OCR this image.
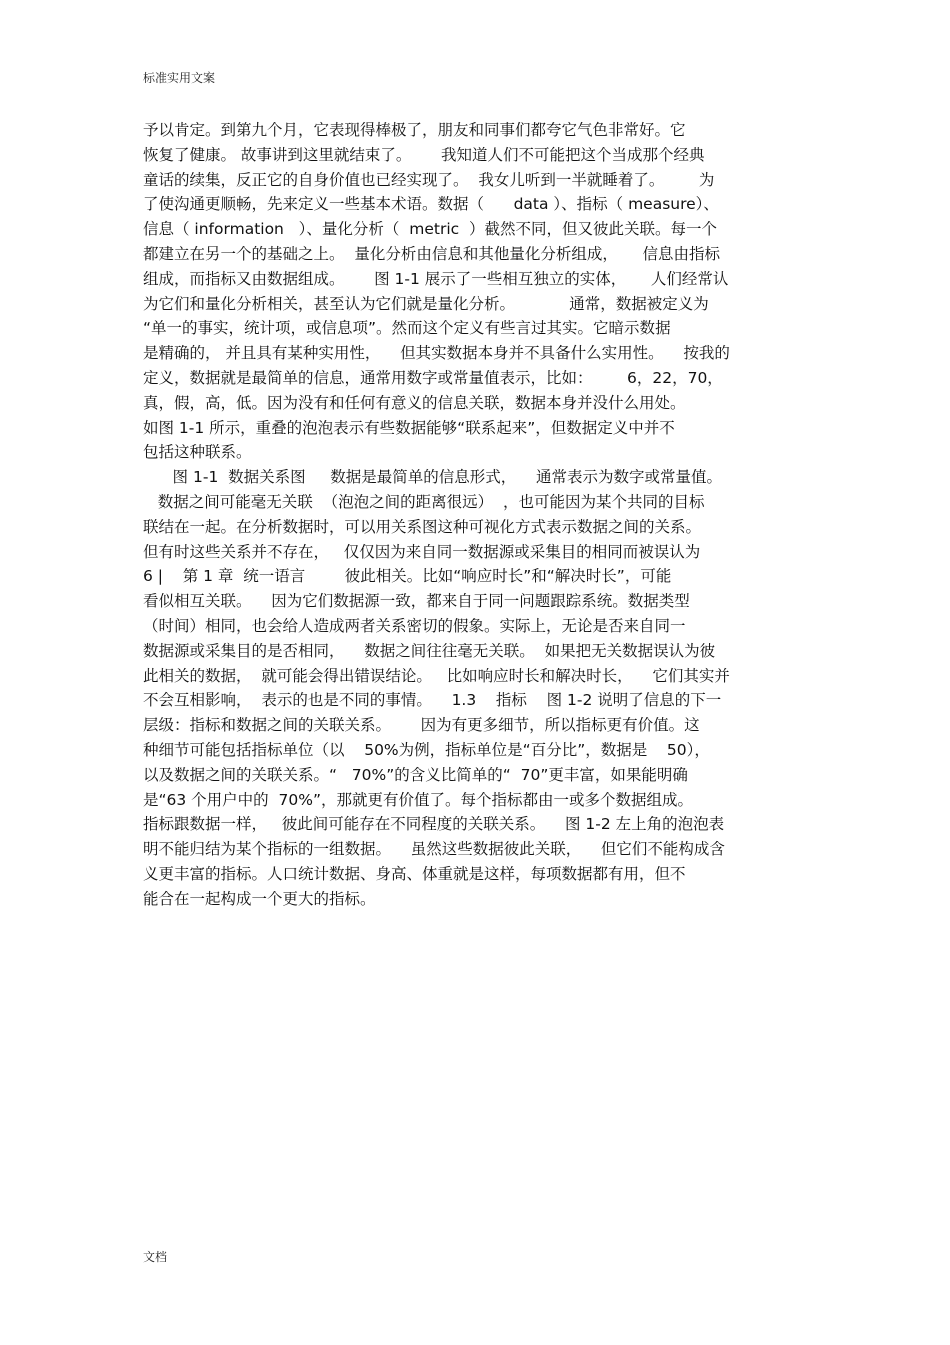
标准实用文案
予以肯定。到第九个月，它表现得棒极了，朋友和同事们都夸它气色非常好。它
恢复了健康。 故事讲到这里就结束了。      我知道人们不可能把这个当成那个经典
童话的续集，反正它的自身价值也已经实现了。  我女儿听到一半就睡着了。       为
了使沟通更顺畅，先来定义一些基本术语。数据（      data ）、指标（ measure）、
信息（ information   ）、量化分析（  metric  ）截然不同，但又彼此关联。每一个
都建立在另一个的基础之上。  量化分析由信息和其他量化分析组成，     信息由指标
组成，而指标又由数据组成。      图 1-1 展示了一些相互独立的实体，     人们经常认
为它们和量化分析相关，甚至认为它们就是量化分析。           通常，数据被定义为
“单一的事实，统计项，或信息项”。然而这个定义有些言过其实。它暗示数据
是精确的， 并且具有某种实用性，    但其实数据本身并不具备什么实用性。    按我的
定义，数据就是最简单的信息，通常用数字或常量值表示，比如：       6，22，70，
真，假，高，低。因为没有和任何有意义的信息关联，数据本身并没什么用处。
如图 1-1 所示，重叠的泡泡表示有些数据能够“联系起来”，但数据定义中并不
包括这种联系。
图 1-1  数据关系图     数据是最简单的信息形式，    通常表示为数字或常量值。
数据之间可能毫无关联  （泡泡之间的距离很远）  ，也可能因为某个共同的目标
联结在一起。在分析数据时，可以用关系图这种可视化方式表示数据之间的关系。
但有时这些关系并不存在，   仅仅因为来自同一数据源或采集目的相同而被误认为
6 |    第 1 章  统一语言        彼此相关。比如“响应时长”和“解决时长”，可能
看似相互关联。    因为它们数据源一致，都来自于同一问题跟踪系统。数据类型
（时间）相同，也会给人造成两者关系密切的假象。实际上，无论是否来自同一
数据源或采集目的是否相同，    数据之间往往毫无关联。  如果把无关数据误认为彼
此相关的数据，  就可能会得出错误结论。   比如响应时长和解决时长，    它们其实并
不会互相影响，  表示的也是不同的事情。    1.3    指标    图 1-2 说明了信息的下一
层级：指标和数据之间的关联关系。      因为有更多细节，所以指标更有价值。这
种细节可能包括指标单位（以    50%为例，指标单位是“百分比”，数据是    50），
以及数据之间的关联关系。“   70%”的含义比简单的“  70”更丰富，如果能明确
是“63 个用户中的  70%”，那就更有价值了。每个指标都由一或多个数据组成。
指标跟数据一样，   彼此间可能存在不同程度的关联关系。    图 1-2 左上角的泡泡表
明不能归结为某个指标的一组数据。    虽然这些数据彼此关联，    但它们不能构成含
义更丰富的指标。人口统计数据、身高、体重就是这样，每项数据都有用，但不
能合在一起构成一个更大的指标。
文档
